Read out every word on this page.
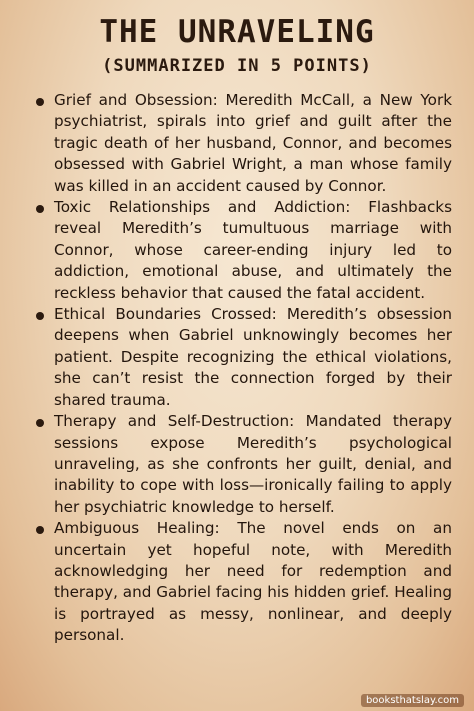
THE UNRAVELING
(SUMMARIZED IN 5 POINTS)
Grief and Obsession: Meredith McCall, a New York psychiatrist, spirals into grief and guilt after the tragic death of her husband, Connor, and becomes obsessed with Gabriel Wright, a man whose family was killed in an accident caused by Connor.
Toxic Relationships and Addiction: Flashbacks reveal Meredith’s tumultuous marriage with Connor, whose career-ending injury led to addiction, emotional abuse, and ultimately the reckless behavior that caused the fatal accident.
Ethical Boundaries Crossed: Meredith’s obsession deepens when Gabriel unknowingly becomes her patient. Despite recognizing the ethical violations, she can’t resist the connection forged by their shared trauma.
Therapy and Self-Destruction: Mandated therapy sessions expose Meredith’s psychological unraveling, as she confronts her guilt, denial, and inability to cope with loss—ironically failing to apply her psychiatric knowledge to herself.
Ambiguous Healing: The novel ends on an uncertain yet hopeful note, with Meredith acknowledging her need for redemption and therapy, and Gabriel facing his hidden grief. Healing is portrayed as messy, nonlinear, and deeply personal.
booksthatslay.com
